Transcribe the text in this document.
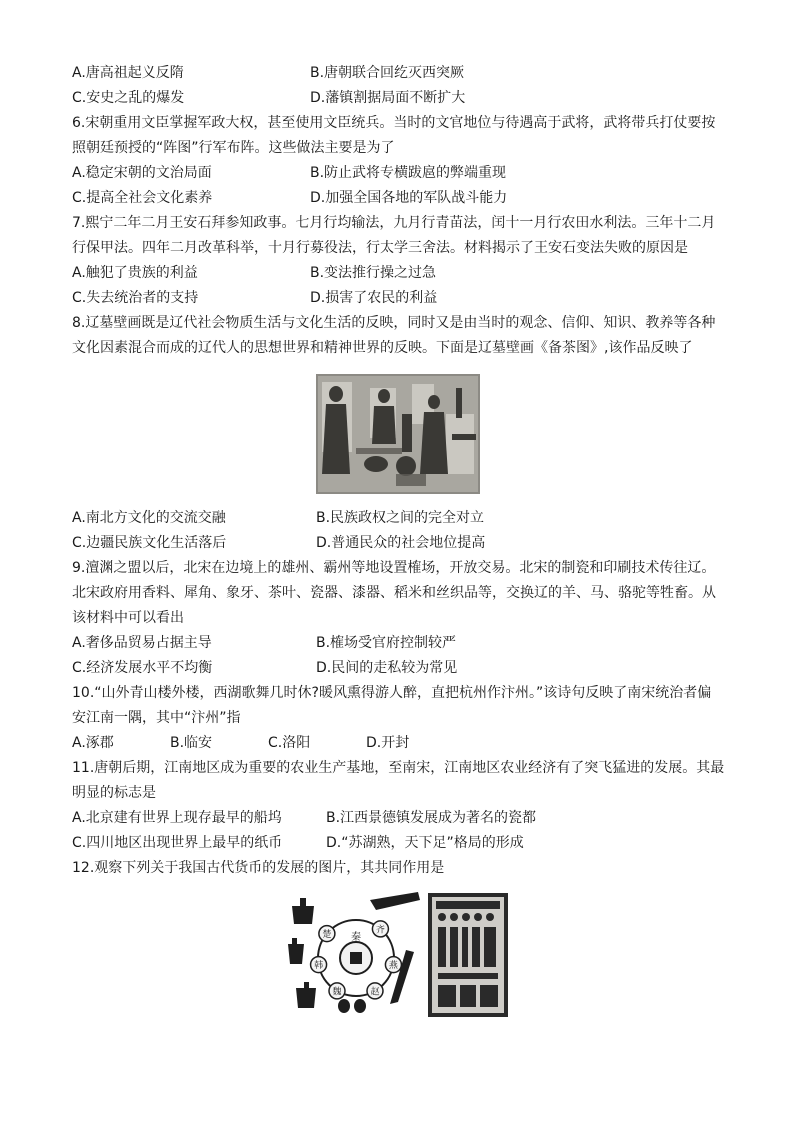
A.唐高祖起义反隋	B.唐朝联合回纥灭西突厥
C.安史之乱的爆发	D.藩镇割据局面不断扩大
6.宋朝重用文臣掌握军政大权，甚至使用文臣统兵。当时的文官地位与待遇高于武将，武将带兵打仗要按
照朝廷预授的“阵图”行军布阵。这些做法主要是为了
A.稳定宋朝的文治局面	B.防止武将专横跋扈的弊端重现
C.提高全社会文化素养	D.加强全国各地的军队战斗能力
7.熙宁二年二月王安石拜参知政事。七月行均输法，九月行青苗法，闰十一月行农田水利法。三年十二月
行保甲法。四年二月改革科举，十月行募役法，行太学三舍法。材料揭示了王安石变法失败的原因是
A.触犯了贵族的利益	B.变法推行操之过急
C.失去统治者的支持	D.损害了农民的利益
8.辽墓壁画既是辽代社会物质生活与文化生活的反映，同时又是由当时的观念、信仰、知识、教养等各种
文化因素混合而成的辽代人的思想世界和精神世界的反映。下面是辽墓壁画《备茶图》,该作品反映了
A.南北方文化的交流交融	B.民族政权之间的完全对立
C.边疆民族文化生活落后	D.普通民众的社会地位提高
9.澶渊之盟以后，北宋在边境上的雄州、霸州等地设置榷场，开放交易。北宋的制瓷和印刷技术传往辽。
北宋政府用香料、犀角、象牙、茶叶、瓷器、漆器、稻米和丝织品等，交换辽的羊、马、骆驼等牲畜。从
该材料中可以看出
A.奢侈品贸易占据主导	B.榷场受官府控制较严
C.经济发展水平不均衡	D.民间的走私较为常见
10.“山外青山楼外楼，西湖歌舞几时休?暖风熏得游人醉，直把杭州作汴州。”该诗句反映了南宋统治者偏
安江南一隅，其中“汴州”指
A.涿郡	B.临安	C.洛阳	D.开封
11.唐朝后期，江南地区成为重要的农业生产基地，至南宋，江南地区农业经济有了突飞猛进的发展。其最
明显的标志是
A.北京建有世界上现存最早的船坞	B.江西景德镇发展成为著名的瓷都
C.四川地区出现世界上最早的纸币	D.“苏湖熟，天下足”格局的形成
12.观察下列关于我国古代货币的发展的图片，其共同作用是
秦
齐
燕
赵
魏
韩
楚
